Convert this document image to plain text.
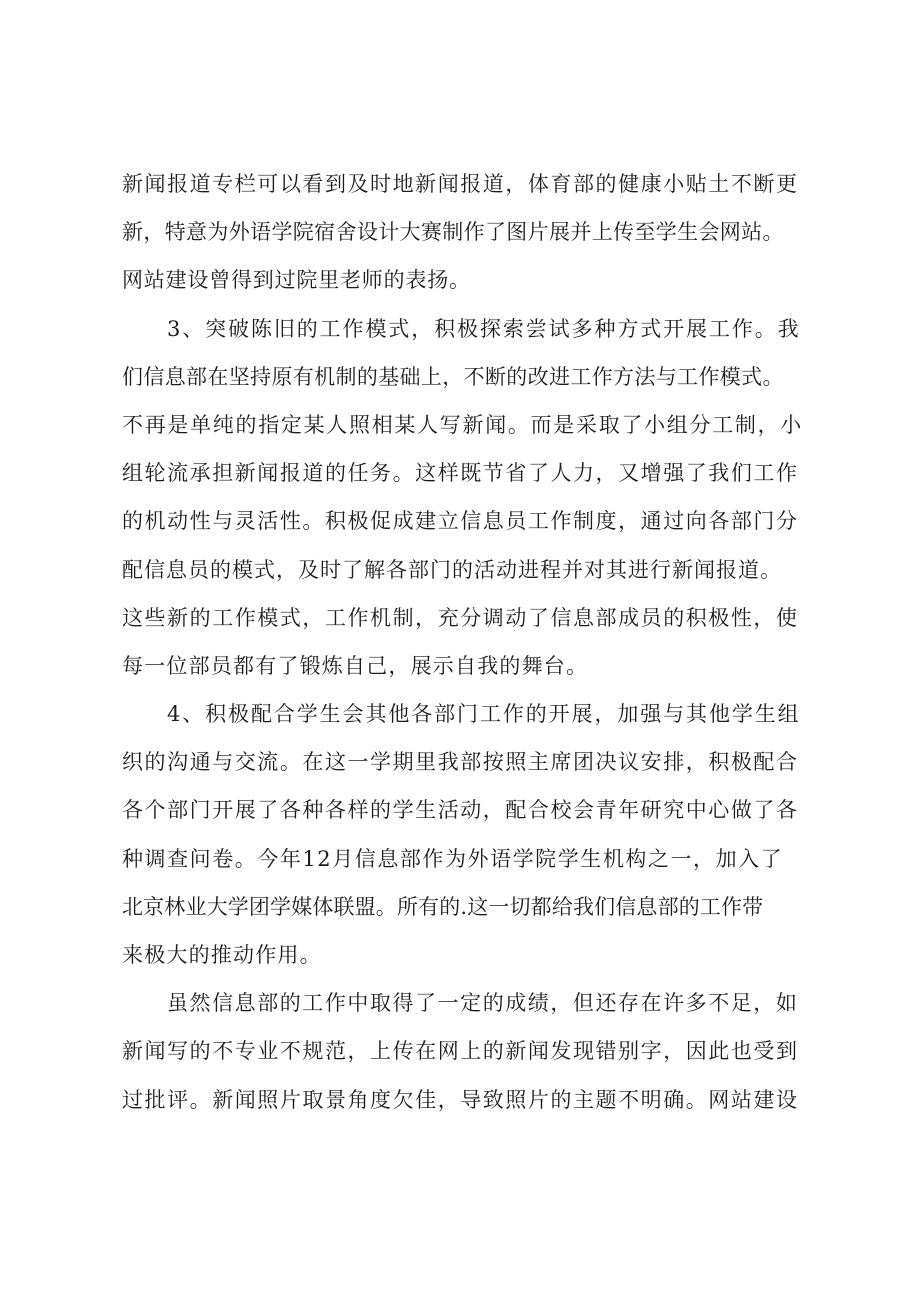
新闻报道专栏可以看到及时地新闻报道，体育部的健康小贴土不断更
新，特意为外语学院宿舍设计大赛制作了图片展并上传至学生会网站。
网站建设曾得到过院里老师的表扬。
3、突破陈旧的工作模式，积极探索尝试多种方式开展工作。我
们信息部在坚持原有机制的基础上，不断的改进工作方法与工作模式。
不再是单纯的指定某人照相某人写新闻。而是采取了小组分工制，小
组轮流承担新闻报道的任务。这样既节省了人力，又增强了我们工作
的机动性与灵活性。积极促成建立信息员工作制度，通过向各部门分
配信息员的模式，及时了解各部门的活动进程并对其进行新闻报道。
这些新的工作模式，工作机制，充分调动了信息部成员的积极性，使
每一位部员都有了锻炼自己，展示自我的舞台。
4、积极配合学生会其他各部门工作的开展，加强与其他学生组
织的沟通与交流。在这一学期里我部按照主席团决议安排，积极配合
各个部门开展了各种各样的学生活动，配合校会青年研究中心做了各
种调查问卷。今年12月信息部作为外语学院学生机构之一，加入了
北京林业大学团学媒体联盟。所有的.这一切都给我们信息部的工作带
来极大的推动作用。
虽然信息部的工作中取得了一定的成绩，但还存在许多不足，如
新闻写的不专业不规范，上传在网上的新闻发现错别字，因此也受到
过批评。新闻照片取景角度欠佳，导致照片的主题不明确。网站建设
